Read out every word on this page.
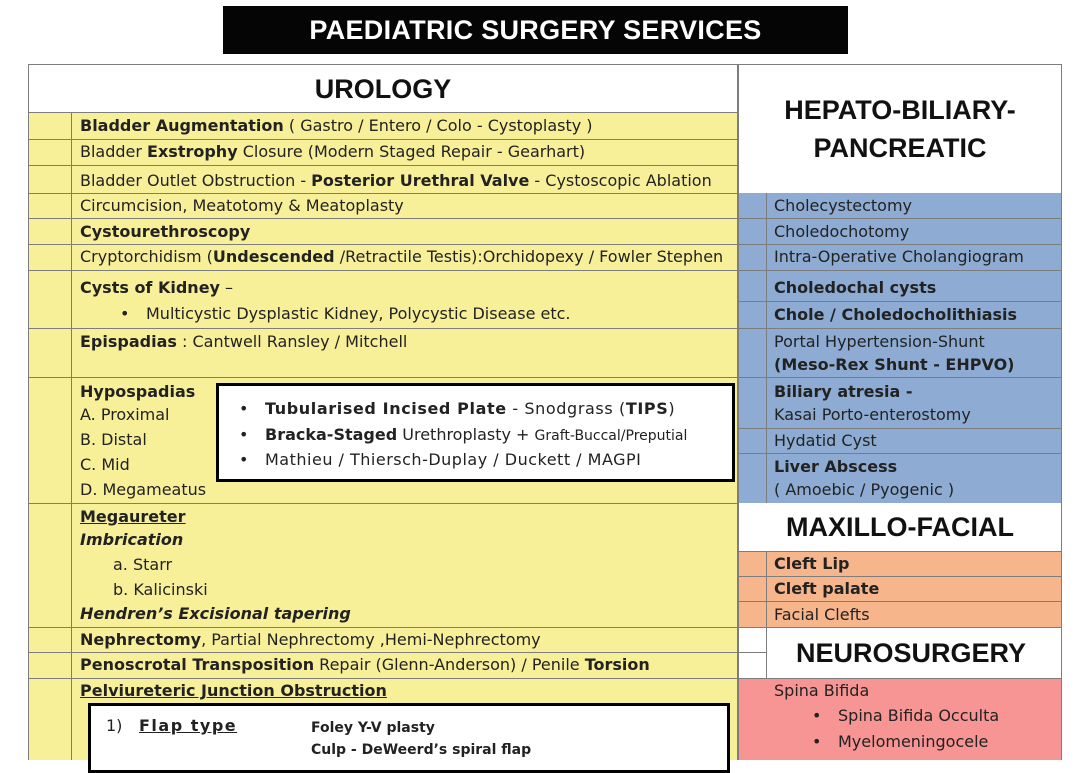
PAEDIATRIC SURGERY SERVICES
UROLOGY
Bladder Augmentation ( Gastro / Entero / Colo - Cystoplasty )
Bladder Exstrophy Closure (Modern Staged Repair - Gearhart)
Bladder Outlet Obstruction - Posterior Urethral Valve - Cystoscopic Ablation
Circumcision, Meatotomy & Meatoplasty
Cystourethroscopy
Cryptorchidism (Undescended /Retractile Testis):Orchidopexy / Fowler Stephen
Cysts of Kidney –
• Multicystic Dysplastic Kidney, Polycystic Disease etc.
Epispadias : Cantwell Ransley / Mitchell
Hypospadias
A. Proximal
B. Distal
C. Mid
D. Megameatus
• Tubularised Incised Plate - Snodgrass (TIPS)
• Bracka-Staged Urethroplasty + Graft-Buccal/Preputial
• Mathieu / Thiersch-Duplay / Duckett / MAGPI
Megaureter
Imbrication
a. Starr
b. Kalicinski
Hendren’s Excisional tapering
Nephrectomy, Partial Nephrectomy ,Hemi-Nephrectomy
Penoscrotal Transposition Repair (Glenn-Anderson) / Penile Torsion
Pelviureteric Junction Obstruction
1) Flap type	Foley Y-V plasty
Culp - DeWeerd’s spiral flap
HEPATO-BILIARY-
PANCREATIC
Cholecystectomy
Choledochotomy
Intra-Operative Cholangiogram
Choledochal cysts
Chole / Choledocholithiasis
Portal Hypertension-Shunt
(Meso-Rex Shunt - EHPVO)
Biliary atresia -
Kasai Porto-enterostomy
Hydatid Cyst
Liver Abscess
( Amoebic / Pyogenic )
MAXILLO-FACIAL
Cleft Lip
Cleft palate
Facial Clefts
NEUROSURGERY
Spina Bifida
• Spina Bifida Occulta
• Myelomeningocele
